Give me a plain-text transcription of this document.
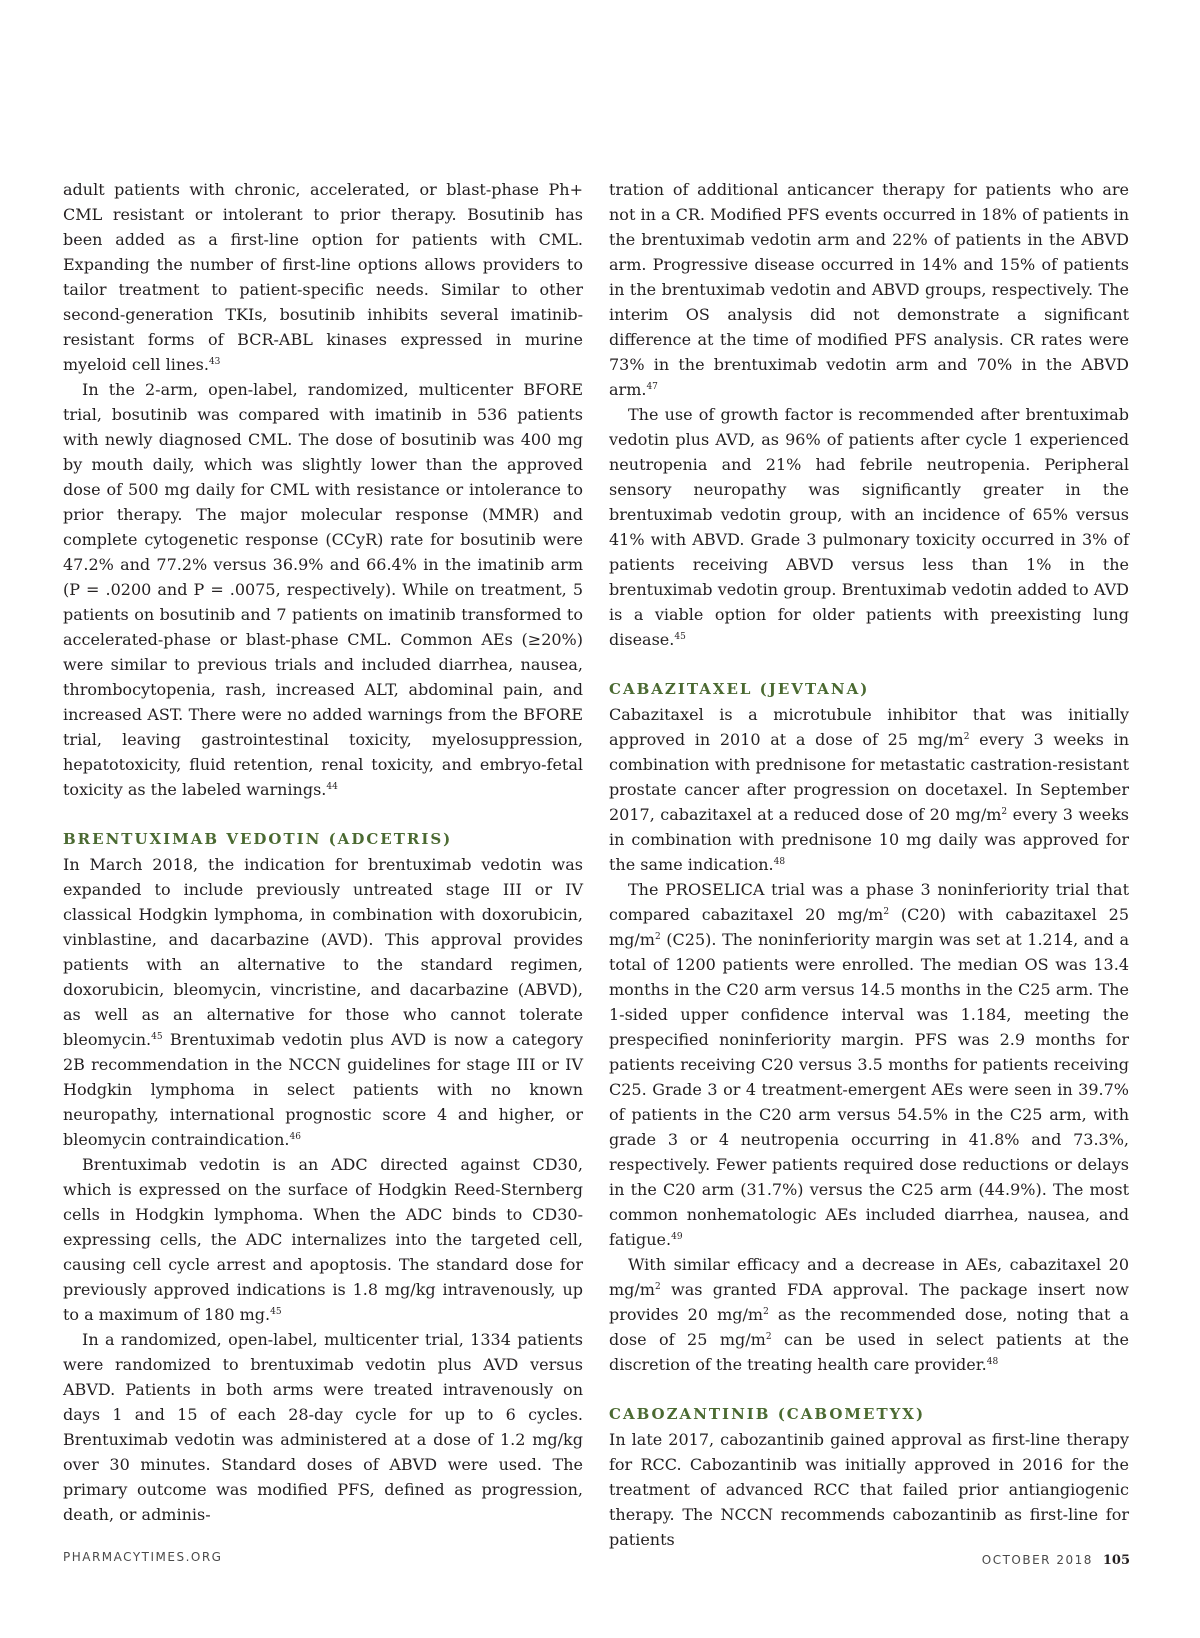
adult patients with chronic, accelerated, or blast-phase Ph+ CML resistant or intolerant to prior therapy. Bosutinib has been added as a first-line option for patients with CML. Expanding the number of first-line options allows providers to tailor treatment to patient-specific needs. Similar to other second-generation TKIs, bosutinib inhibits several imatinib-resistant forms of BCR-ABL kinases expressed in murine myeloid cell lines.$^{43}$

In the 2-arm, open-label, randomized, multicenter BFORE trial, bosutinib was compared with imatinib in 536 patients with newly diagnosed CML. The dose of bosutinib was 400 mg by mouth daily, which was slightly lower than the approved dose of 500 mg daily for CML with resistance or intolerance to prior therapy. The major molecular response (MMR) and complete cytogenetic response (CCyR) rate for bosutinib were 47.2% and 77.2% versus 36.9% and 66.4% in the imatinib arm (P = .0200 and P = .0075, respectively). While on treatment, 5 patients on bosutinib and 7 patients on imatinib transformed to accelerated-phase or blast-phase CML. Common AEs (≥20%) were similar to previous trials and included diarrhea, nausea, thrombocytopenia, rash, increased ALT, abdominal pain, and increased AST. There were no added warnings from the BFORE trial, leaving gastrointestinal toxicity, myelosuppression, hepatotoxicity, fluid retention, renal toxicity, and embryo-fetal toxicity as the labeled warnings.$^{44}$

BRENTUXIMAB VEDOTIN (ADCETRIS)

In March 2018, the indication for brentuximab vedotin was expanded to include previously untreated stage III or IV classical Hodgkin lymphoma, in combination with doxorubicin, vinblastine, and dacarbazine (AVD). This approval provides patients with an alternative to the standard regimen, doxorubicin, bleomycin, vincristine, and dacarbazine (ABVD), as well as an alternative for those who cannot tolerate bleomycin.$^{45}$ Brentuximab vedotin plus AVD is now a category 2B recommendation in the NCCN guidelines for stage III or IV Hodgkin lymphoma in select patients with no known neuropathy, international prognostic score 4 and higher, or bleomycin contraindication.$^{46}$

Brentuximab vedotin is an ADC directed against CD30, which is expressed on the surface of Hodgkin Reed-Sternberg cells in Hodgkin lymphoma. When the ADC binds to CD30-expressing cells, the ADC internalizes into the targeted cell, causing cell cycle arrest and apoptosis. The standard dose for previously approved indications is 1.8 mg/kg intravenously, up to a maximum of 180 mg.$^{45}$

In a randomized, open-label, multicenter trial, 1334 patients were randomized to brentuximab vedotin plus AVD versus ABVD. Patients in both arms were treated intravenously on days 1 and 15 of each 28-day cycle for up to 6 cycles. Brentuximab vedotin was administered at a dose of 1.2 mg/kg over 30 minutes. Standard doses of ABVD were used. The primary outcome was modified PFS, defined as progression, death, or adminis-

tration of additional anticancer therapy for patients who are not in a CR. Modified PFS events occurred in 18% of patients in the brentuximab vedotin arm and 22% of patients in the ABVD arm. Progressive disease occurred in 14% and 15% of patients in the brentuximab vedotin and ABVD groups, respectively. The interim OS analysis did not demonstrate a significant difference at the time of modified PFS analysis. CR rates were 73% in the brentuximab vedotin arm and 70% in the ABVD arm.$^{47}$

The use of growth factor is recommended after brentuximab vedotin plus AVD, as 96% of patients after cycle 1 experienced neutropenia and 21% had febrile neutropenia. Peripheral sensory neuropathy was significantly greater in the brentuximab vedotin group, with an incidence of 65% versus 41% with ABVD. Grade 3 pulmonary toxicity occurred in 3% of patients receiving ABVD versus less than 1% in the brentuximab vedotin group. Brentuximab vedotin added to AVD is a viable option for older patients with preexisting lung disease.$^{45}$

CABAZITAXEL (JEVTANA)

Cabazitaxel is a microtubule inhibitor that was initially approved in 2010 at a dose of 25 $mg/m^2$ every 3 weeks in combination with prednisone for metastatic castration-resistant prostate cancer after progression on docetaxel. In September 2017, cabazitaxel at a reduced dose of 20 $mg/m^2$ every 3 weeks in combination with prednisone 10 mg daily was approved for the same indication.$^{48}$

The PROSELICA trial was a phase 3 noninferiority trial that compared cabazitaxel 20 $mg/m^2$ (C20) with cabazitaxel 25 $mg/m^2$ (C25). The noninferiority margin was set at 1.214, and a total of 1200 patients were enrolled. The median OS was 13.4 months in the C20 arm versus 14.5 months in the C25 arm. The 1-sided upper confidence interval was 1.184, meeting the prespecified noninferiority margin. PFS was 2.9 months for patients receiving C20 versus 3.5 months for patients receiving C25. Grade 3 or 4 treatment-emergent AEs were seen in 39.7% of patients in the C20 arm versus 54.5% in the C25 arm, with grade 3 or 4 neutropenia occurring in 41.8% and 73.3%, respectively. Fewer patients required dose reductions or delays in the C20 arm (31.7%) versus the C25 arm (44.9%). The most common nonhematologic AEs included diarrhea, nausea, and fatigue.$^{49}$

With similar efficacy and a decrease in AEs, cabazitaxel 20 $mg/m^2$ was granted FDA approval. The package insert now provides 20 $mg/m^2$ as the recommended dose, noting that a dose of 25 $mg/m^2$ can be used in select patients at the discretion of the treating health care provider.$^{48}$

CABOZANTINIB (CABOMETYX)

In late 2017, cabozantinib gained approval as first-line therapy for RCC. Cabozantinib was initially approved in 2016 for the treatment of advanced RCC that failed prior antiangiogenic therapy. The NCCN recommends cabozantinib as first-line for patients

PHARMACYTIMES.ORG	OCTOBER 2018 105
